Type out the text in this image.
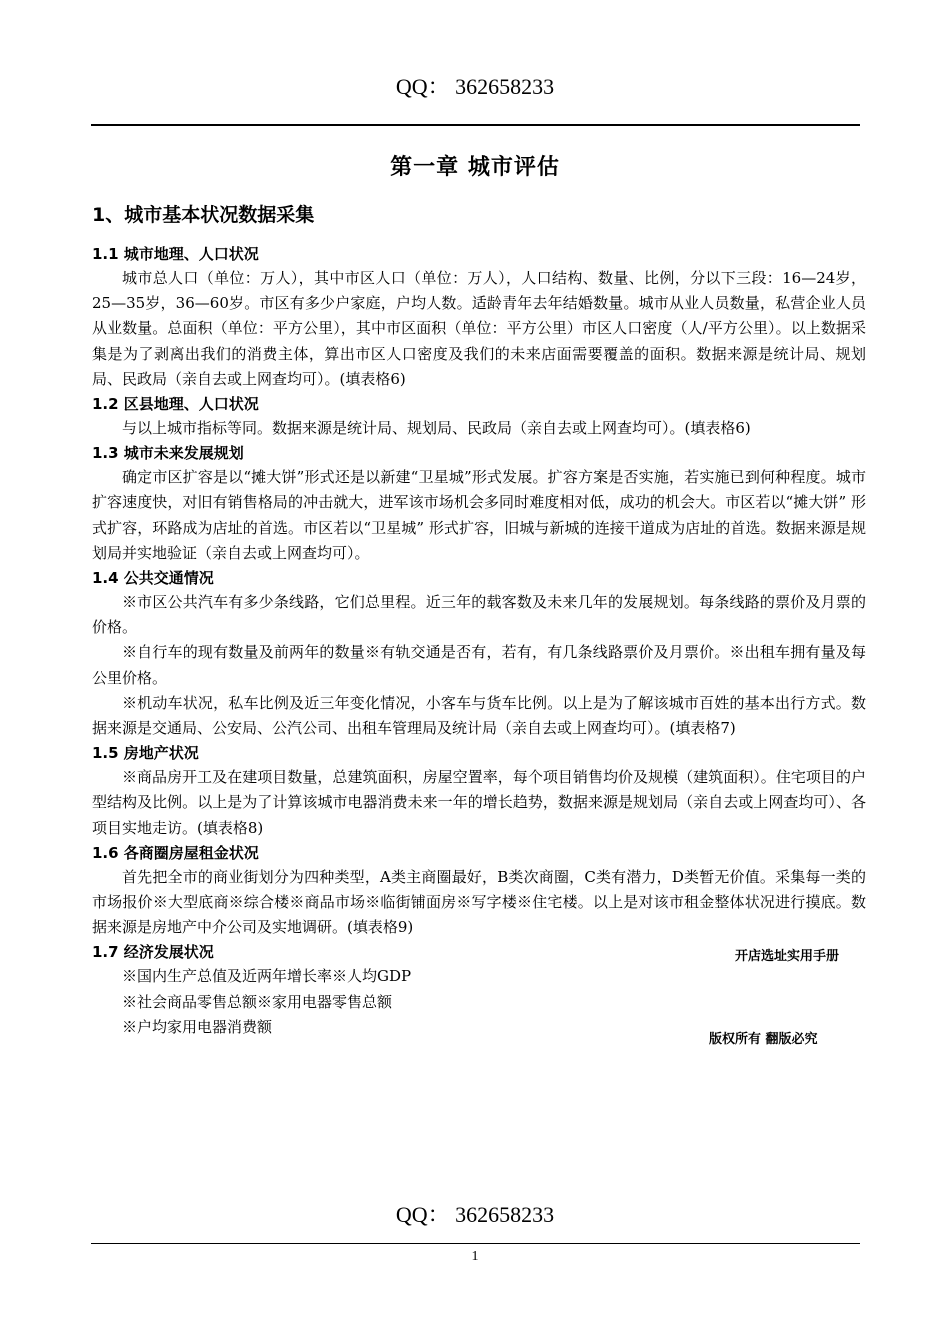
QQ： 362658233
第一章 城市评估
1、城市基本状况数据采集
1.1 城市地理、人口状况

城市总人口（单位：万人），其中市区人口（单位：万人），人口结构、数量、比例，分以下三段：16—24岁，25—35岁，36—60岁。市区有多少户家庭，户均人数。适龄青年去年结婚数量。城市从业人员数量，私营企业人员从业数量。总面积（单位：平方公里），其中市区面积（单位：平方公里）市区人口密度（人/平方公里）。以上数据采集是为了剥离出我们的消费主体，算出市区人口密度及我们的未来店面需要覆盖的面积。数据来源是统计局、规划局、民政局（亲自去或上网查均可）。(填表格6)

1.2 区县地理、人口状况

与以上城市指标等同。数据来源是统计局、规划局、民政局（亲自去或上网查均可）。(填表格6)

1.3 城市未来发展规划

确定市区扩容是以“摊大饼”形式还是以新建“卫星城”形式发展。扩容方案是否实施，若实施已到何种程度。城市扩容速度快，对旧有销售格局的冲击就大，进军该市场机会多同时难度相对低，成功的机会大。市区若以“摊大饼” 形式扩容，环路成为店址的首选。市区若以“卫星城” 形式扩容，旧城与新城的连接干道成为店址的首选。数据来源是规划局并实地验证（亲自去或上网查均可）。

1.4 公共交通情况

※市区公共汽车有多少条线路，它们总里程。近三年的载客数及未来几年的发展规划。每条线路的票价及月票的价格。

※自行车的现有数量及前两年的数量※有轨交通是否有，若有，有几条线路票价及月票价。※出租车拥有量及每公里价格。

※机动车状况，私车比例及近三年变化情况，小客车与货车比例。以上是为了解该城市百姓的基本出行方式。数据来源是交通局、公安局、公汽公司、出租车管理局及统计局（亲自去或上网查均可）。(填表格7)

1.5 房地产状况

※商品房开工及在建项目数量，总建筑面积，房屋空置率，每个项目销售均价及规模（建筑面积）。住宅项目的户型结构及比例。以上是为了计算该城市电器消费未来一年的增长趋势，数据来源是规划局（亲自去或上网查均可）、各项目实地走访。(填表格8)

1.6 各商圈房屋租金状况

首先把全市的商业街划分为四种类型，A类主商圈最好，B类次商圈，C类有潜力，D类暂无价值。采集每一类的市场报价※大型底商※综合楼※商品市场※临街铺面房※写字楼※住宅楼。以上是对该市租金整体状况进行摸底。数据来源是房地产中介公司及实地调研。(填表格9)

1.7 经济发展状况

※国内生产总值及近两年增长率※人均GDP

※社会商品零售总额※家用电器零售总额

※户均家用电器消费额

开店选址实用手册
版权所有 翻版必究
QQ： 362658233
1
